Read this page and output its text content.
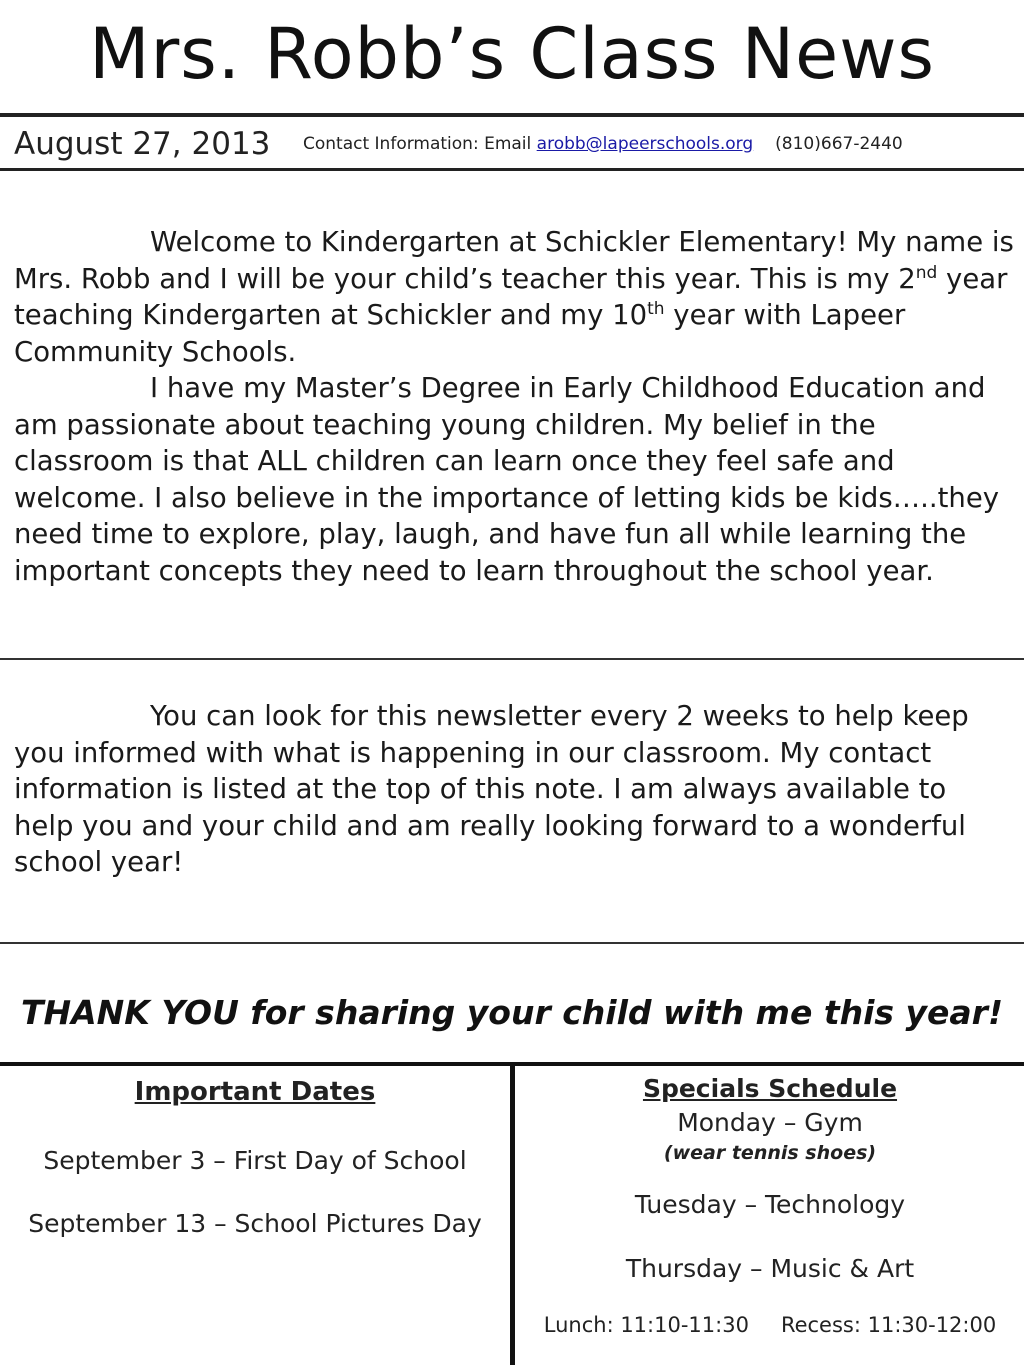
Mrs. Robb’s Class News
August 27, 2013 Contact Information: Email arobb@lapeerschools.org (810)667-2440

Welcome to Kindergarten at Schickler Elementary! My name is Mrs. Robb and I will be your child’s teacher this year. This is my 2nd year teaching Kindergarten at Schickler and my 10th year with Lapeer Community Schools.

I have my Master’s Degree in Early Childhood Education and am passionate about teaching young children. My belief in the classroom is that ALL children can learn once they feel safe and welcome. I also believe in the importance of letting kids be kids…..they need time to explore, play, laugh, and have fun all while learning the important concepts they need to learn throughout the school year.

You can look for this newsletter every 2 weeks to help keep you informed with what is happening in our classroom. My contact information is listed at the top of this note. I am always available to help you and your child and am really looking forward to a wonderful school year!

THANK YOU for sharing your child with me this year!
Important Dates
September 3 – First Day of School
September 13 – School Pictures Day
Specials Schedule
Monday – Gym
(wear tennis shoes)
Tuesday – Technology
Thursday – Music & Art
Lunch: 11:10-11:30 Recess: 11:30-12:00
